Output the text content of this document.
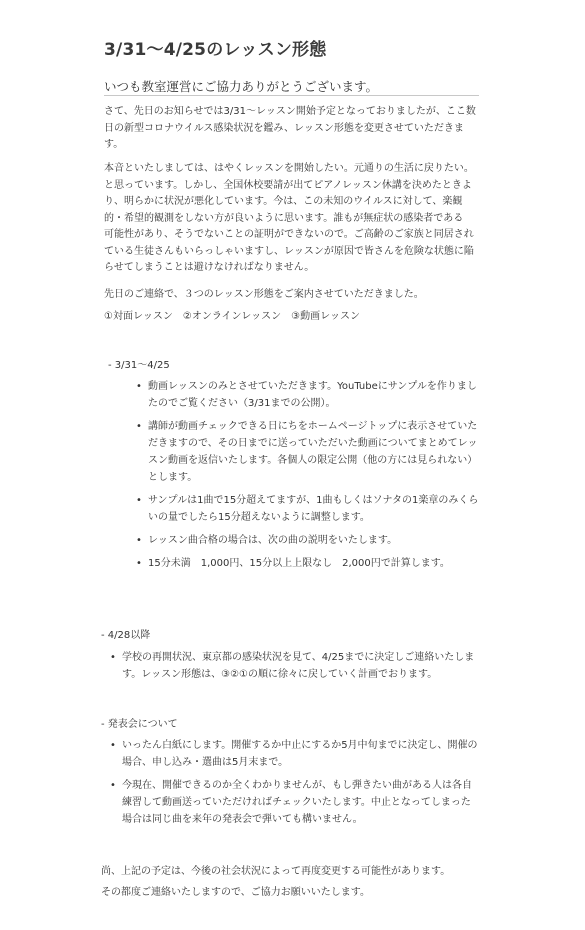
3/31〜4/25のレッスン形態
いつも教室運営にご協力ありがとうございます。

さて、先日のお知らせでは3/31〜レッスン開始予定となっておりましたが、ここ数
日の新型コロナウイルス感染状況を鑑み、レッスン形態を変更させていただきま
す。

本音といたしましては、はやくレッスンを開始したい。元通りの生活に戻りたい。
と思っています。しかし、全国休校要請が出てピアノレッスン休講を決めたときよ
り、明らかに状況が悪化しています。今は、この未知のウイルスに対して、楽観
的・希望的観測をしない方が良いように思います。誰もが無症状の感染者である
可能性があり、そうでないことの証明ができないので。ご高齢のご家族と同居され
ている生徒さんもいらっしゃいますし、レッスンが原因で皆さんを危険な状態に陥
らせてしまうことは避けなければなりません。

先日のご連絡で、３つのレッスン形態をご案内させていただきました。

①対面レッスン　②オンラインレッスン　③動画レッスン

- 3/31〜4/25
• 動画レッスンのみとさせていただきます。YouTubeにサンプルを作りまし
たのでご覧ください（3/31までの公開）。
• 講師が動画チェックできる日にちをホームページトップに表示させていた
だきますので、その日までに送っていただいた動画についてまとめてレッ
スン動画を返信いたします。各個人の限定公開（他の方には見られない）
とします。
• サンプルは1曲で15分超えてますが、1曲もしくはソナタの1楽章のみくら
いの量でしたら15分超えないように調整します。
• レッスン曲合格の場合は、次の曲の説明をいたします。
• 15分未満　1,000円、15分以上上限なし　2,000円で計算します。
- 4/28以降
• 学校の再開状況、東京都の感染状況を見て、4/25までに決定しご連絡いたしま
す。レッスン形態は、③②①の順に徐々に戻していく計画でおります。
- 発表会について
• いったん白紙にします。開催するか中止にするか5月中旬までに決定し、開催の
場合、申し込み・選曲は5月末まで。
• 今現在、開催できるのか全くわかりませんが、もし弾きたい曲がある人は各自
練習して動画送っていただければチェックいたします。中止となってしまった
場合は同じ曲を来年の発表会で弾いても構いません。

尚、上記の予定は、今後の社会状況によって再度変更する可能性があります。
その都度ご連絡いたしますので、ご協力お願いいたします。
